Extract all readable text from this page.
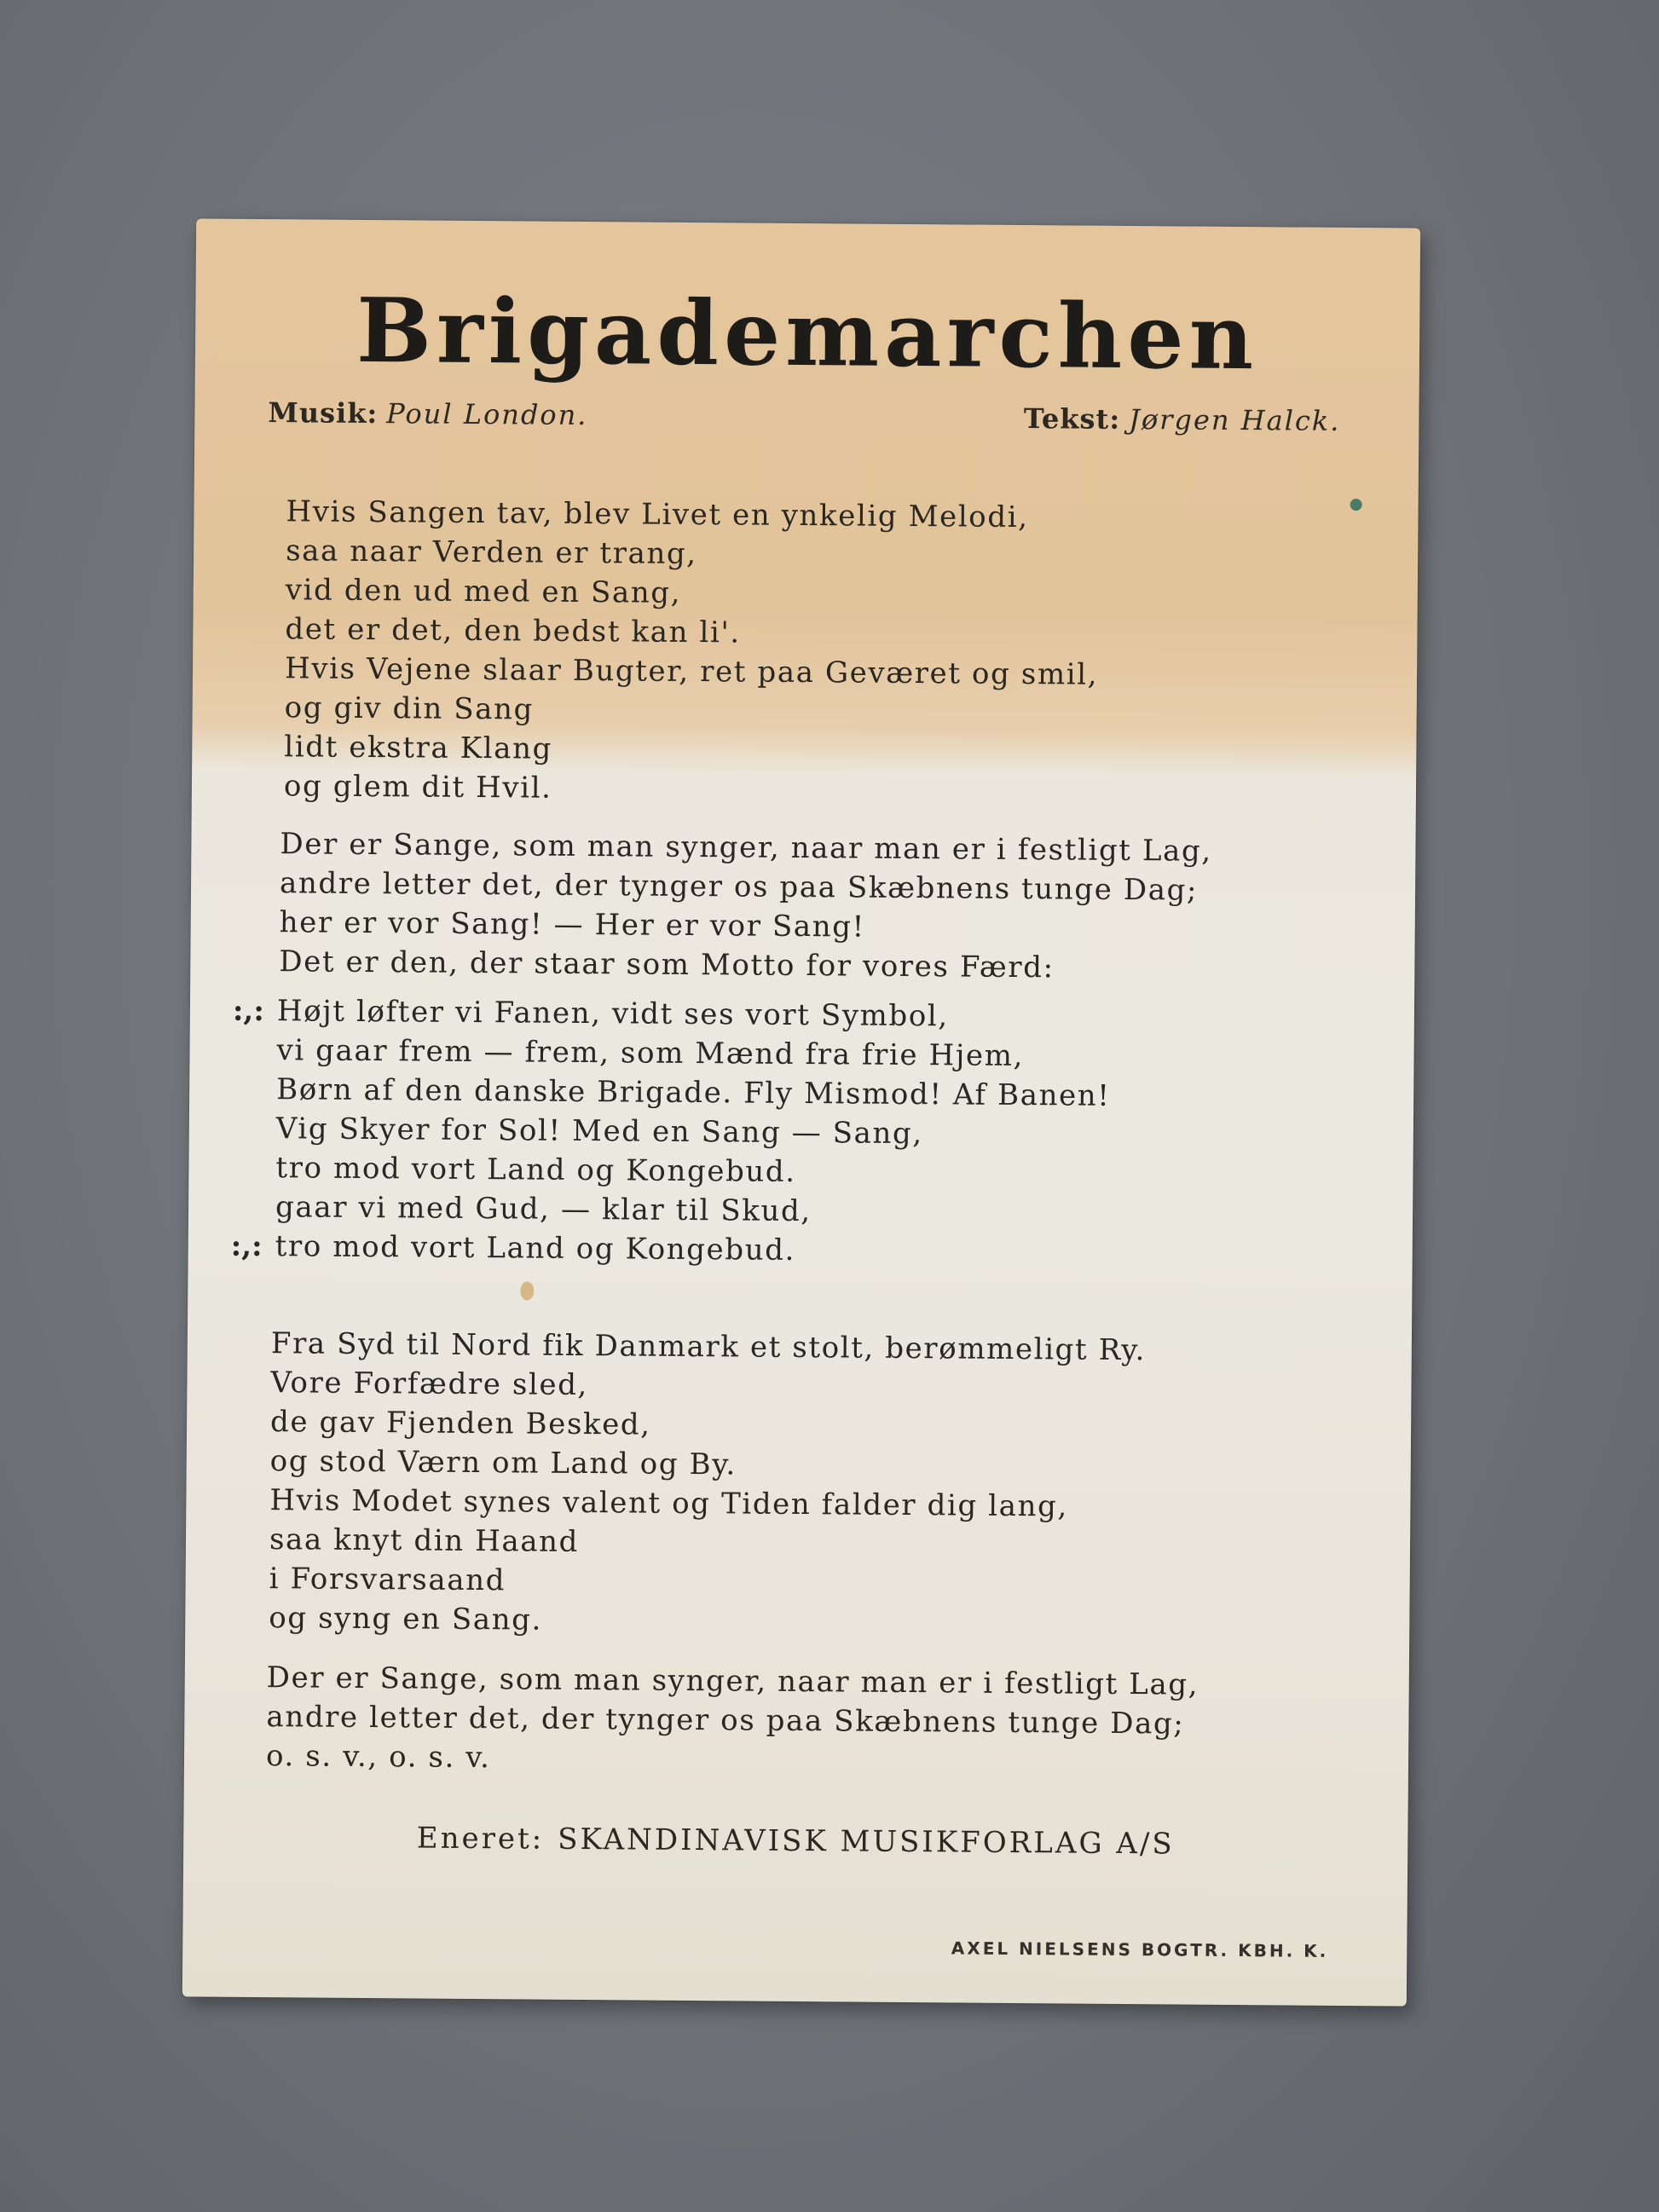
Brigademarchen
Musik: Poul London.	Tekst: Jørgen Halck.
Hvis Sangen tav, blev Livet en ynkelig Melodi,
saa naar Verden er trang,
vid den ud med en Sang,
det er det, den bedst kan li'.
Hvis Vejene slaar Bugter, ret paa Geværet og smil,
og giv din Sang
lidt ekstra Klang
og glem dit Hvil.
Der er Sange, som man synger, naar man er i festligt Lag,
andre letter det, der tynger os paa Skæbnens tunge Dag;
her er vor Sang! — Her er vor Sang!
Det er den, der staar som Motto for vores Færd:
:,: Højt løfter vi Fanen, vidt ses vort Symbol,
vi gaar frem — frem, som Mænd fra frie Hjem,
Børn af den danske Brigade. Fly Mismod! Af Banen!
Vig Skyer for Sol! Med en Sang — Sang,
tro mod vort Land og Kongebud.
gaar vi med Gud, — klar til Skud,
:,: tro mod vort Land og Kongebud.
Fra Syd til Nord fik Danmark et stolt, berømmeligt Ry.
Vore Forfædre sled,
de gav Fjenden Besked,
og stod Værn om Land og By.
Hvis Modet synes valent og Tiden falder dig lang,
saa knyt din Haand
i Forsvarsaand
og syng en Sang.
Der er Sange, som man synger, naar man er i festligt Lag,
andre letter det, der tynger os paa Skæbnens tunge Dag;
o. s. v., o. s. v.
Eneret: SKANDINAVISK MUSIKFORLAG A/S
AXEL NIELSENS BOGTR. KBH. K.
